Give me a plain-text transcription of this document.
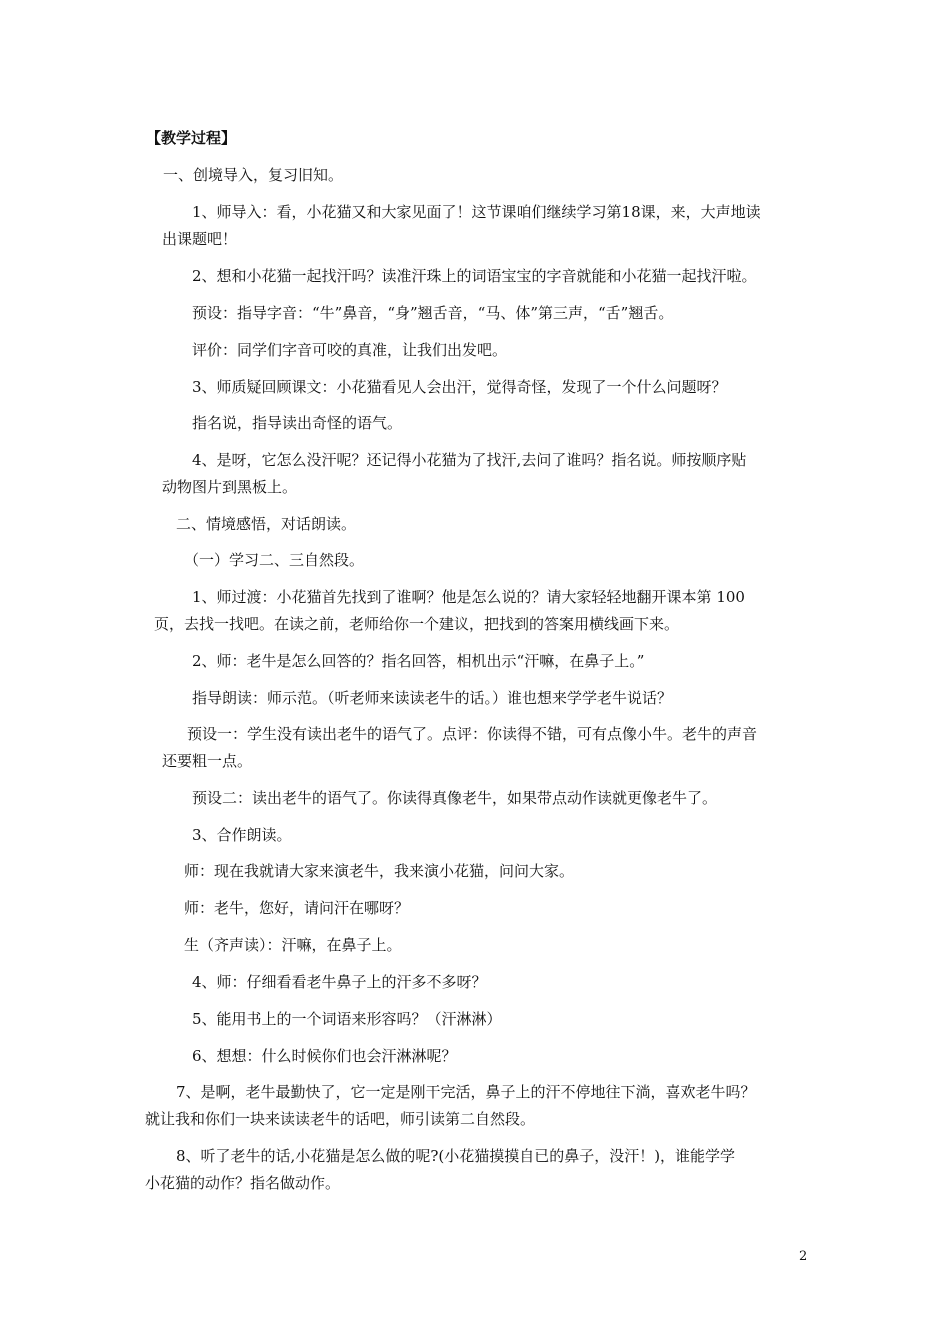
【教学过程】
一、创境导入，复习旧知。
1、师导入：看，小花猫又和大家见面了！这节课咱们继续学习第18课，来，大声地读
出课题吧！
2、想和小花猫一起找汗吗？读准汗珠上的词语宝宝的字音就能和小花猫一起找汗啦。
预设：指导字音：“牛”鼻音，“身”翘舌音，“马、体”第三声，“舌”翘舌。
评价：同学们字音可咬的真准，让我们出发吧。
3、师质疑回顾课文：小花猫看见人会出汗，觉得奇怪，发现了一个什么问题呀？
指名说，指导读出奇怪的语气。
4、是呀，它怎么没汗呢？还记得小花猫为了找汗,去问了谁吗？指名说。师按顺序贴
动物图片到黑板上。
二、情境感悟，对话朗读。
（一）学习二、三自然段。
1、师过渡：小花猫首先找到了谁啊？他是怎么说的？请大家轻轻地翻开课本第 100
页，去找一找吧。在读之前，老师给你一个建议，把找到的答案用横线画下来。
2、师：老牛是怎么回答的？指名回答，相机出示“汗嘛，在鼻子上。”
指导朗读：师示范。（听老师来读读老牛的话。）谁也想来学学老牛说话？
预设一：学生没有读出老牛的语气了。点评：你读得不错，可有点像小牛。老牛的声音
还要粗一点。
预设二：读出老牛的语气了。你读得真像老牛，如果带点动作读就更像老牛了。
3、合作朗读。
师：现在我就请大家来演老牛，我来演小花猫，问问大家。
师：老牛，您好，请问汗在哪呀？
生（齐声读）：汗嘛，在鼻子上。
4、师：仔细看看老牛鼻子上的汗多不多呀？
5、能用书上的一个词语来形容吗？（汗淋淋）
6、想想：什么时候你们也会汗淋淋呢？
7、是啊，老牛最勤快了，它一定是刚干完活，鼻子上的汗不停地往下淌，喜欢老牛吗？
就让我和你们一块来读读老牛的话吧，师引读第二自然段。
8、听了老牛的话,小花猫是怎么做的呢?(小花猫摸摸自已的鼻子，没汗！)，谁能学学
小花猫的动作？指名做动作。
2
